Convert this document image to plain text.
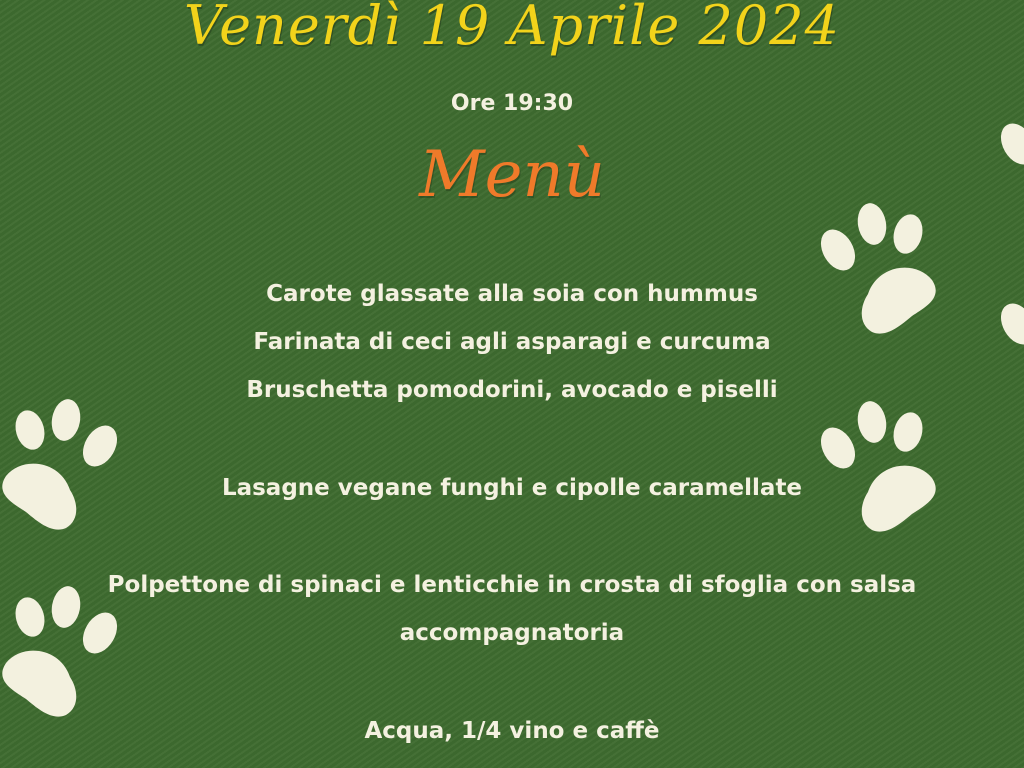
Venerdì 19 Aprile 2024
Ore 19:30
Menù
Carote glassate alla soia con hummus
Farinata di ceci agli asparagi e curcuma
Bruschetta pomodorini, avocado e piselli
Lasagne vegane funghi e cipolle caramellate
Polpettone di spinaci e lenticchie in crosta di sfoglia con salsa
accompagnatoria
Acqua, 1/4 vino e caffè
